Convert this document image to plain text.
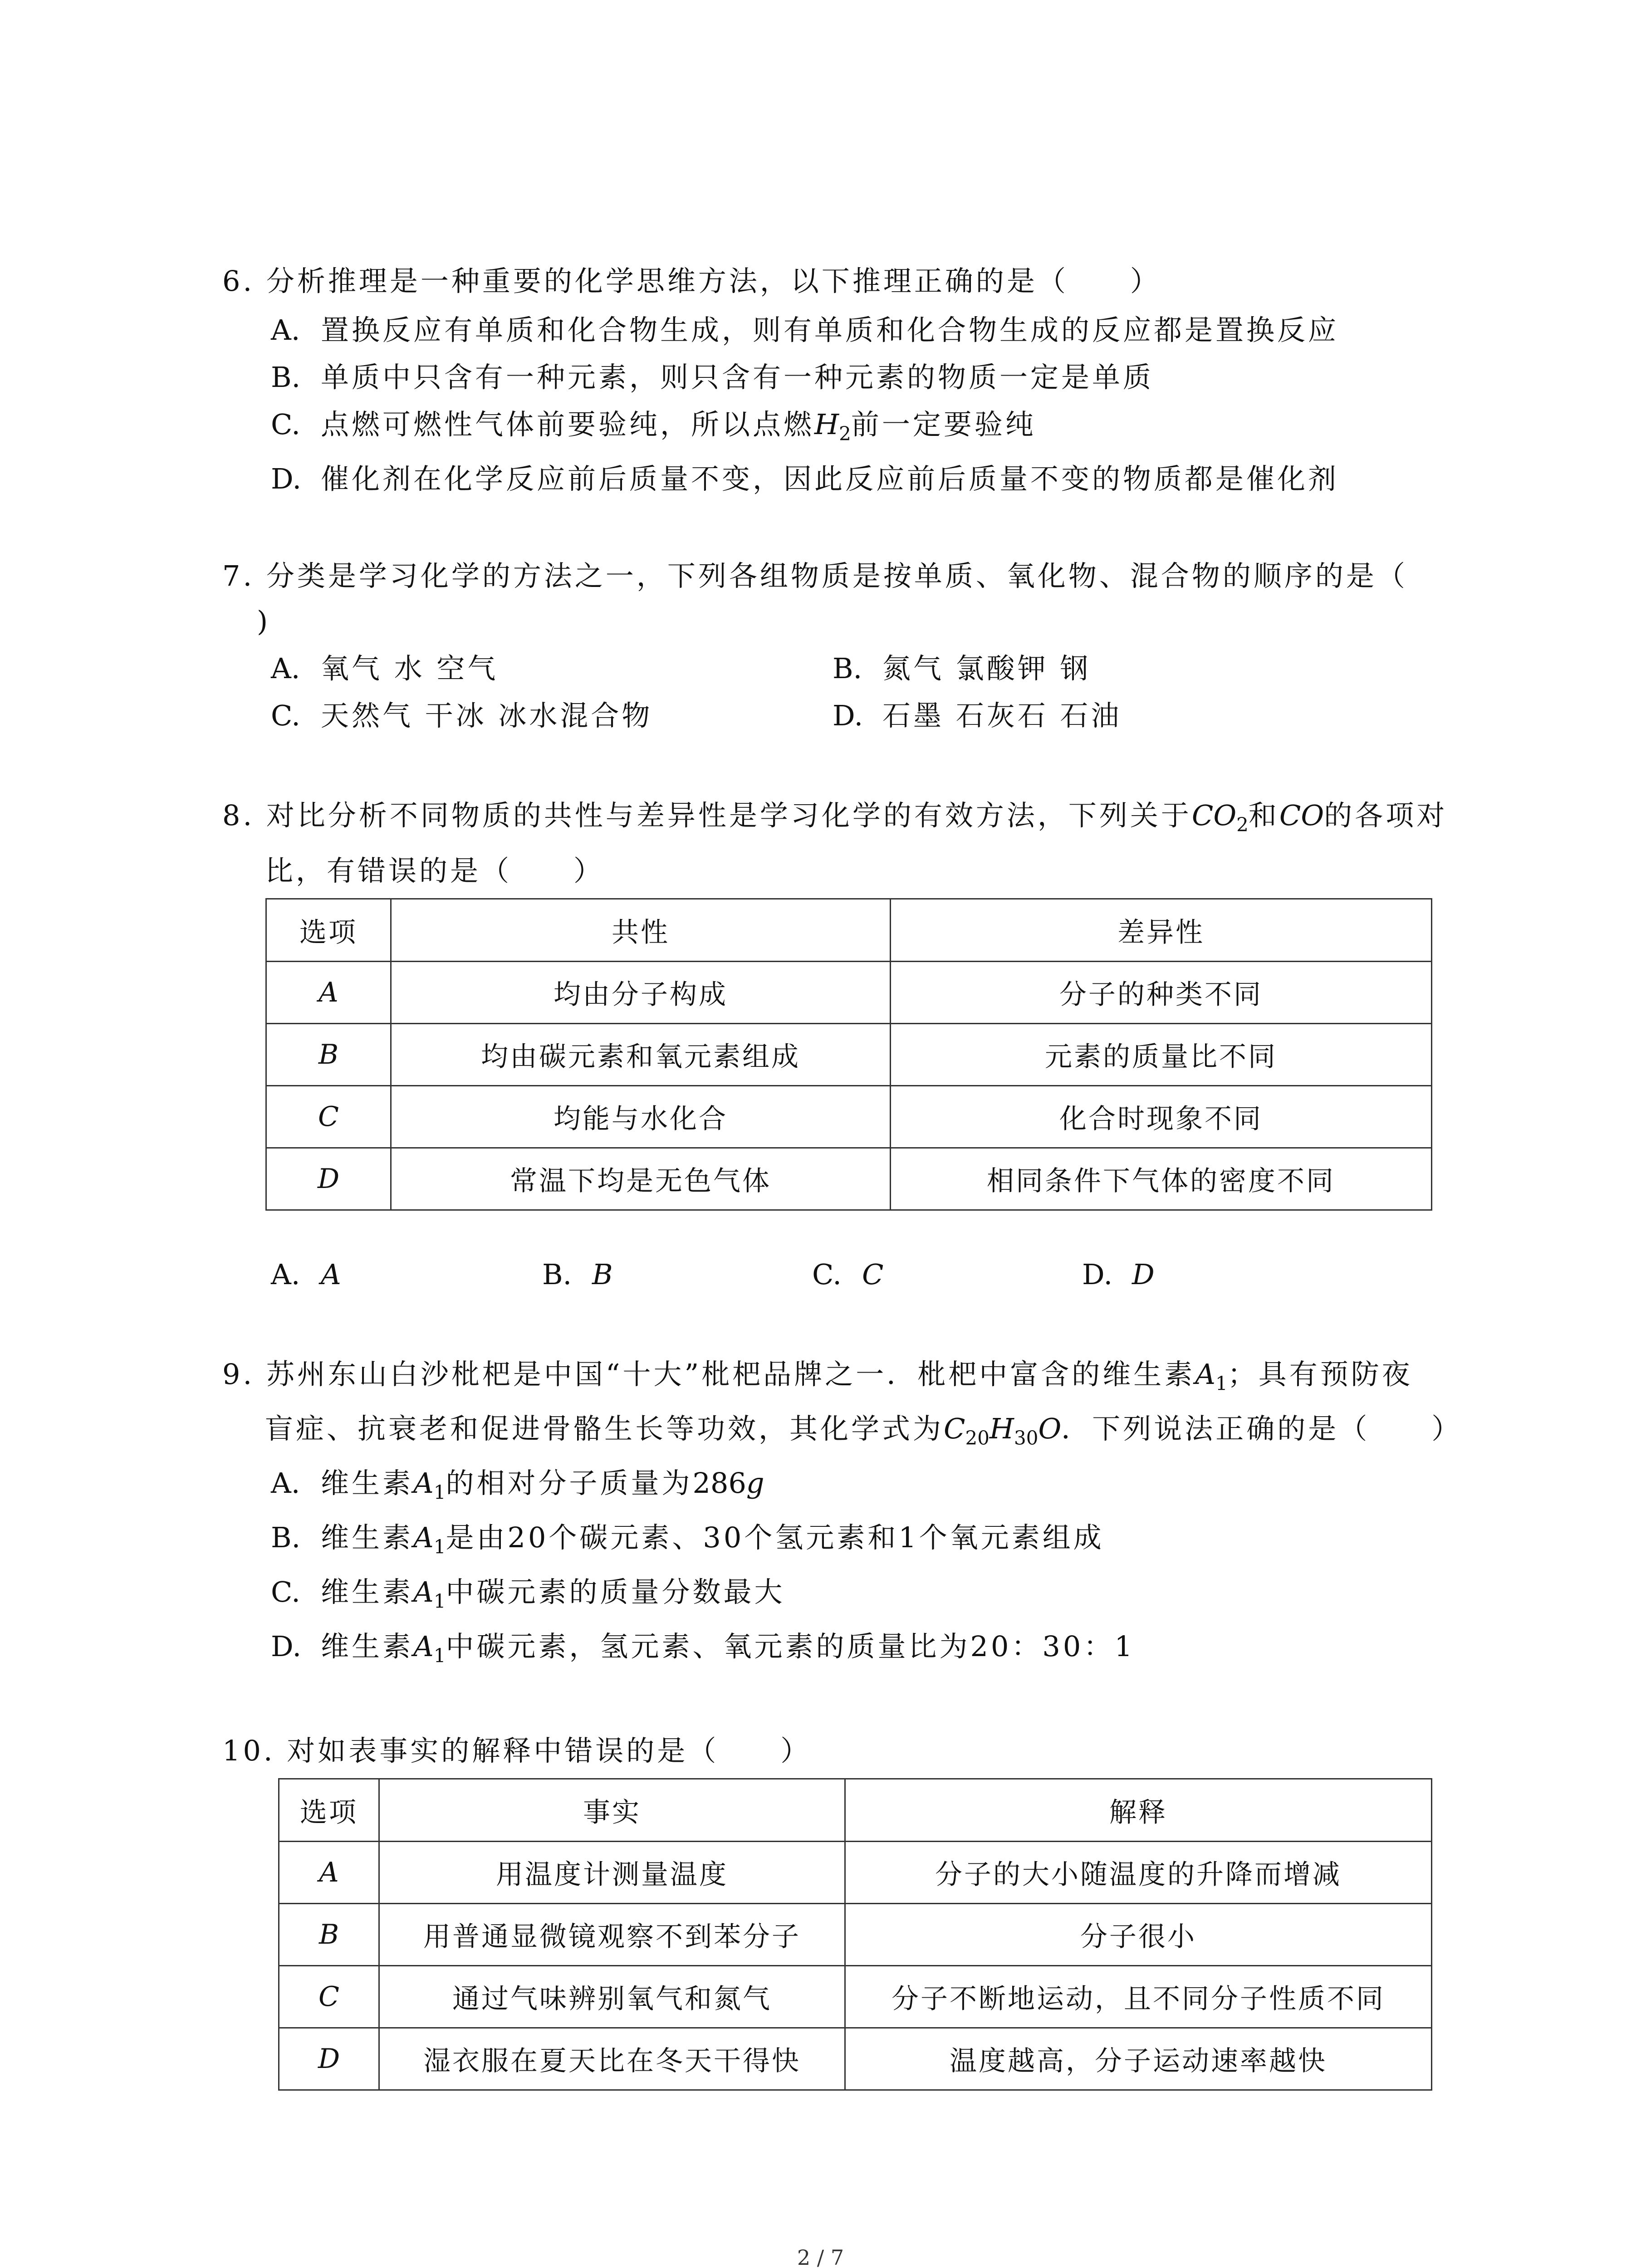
6. 分析推理是一种重要的化学思维方法，以下推理正确的是（　　）
A. 置换反应有单质和化合物生成，则有单质和化合物生成的反应都是置换反应
B. 单质中只含有一种元素，则只含有一种元素的物质一定是单质
C. 点燃可燃性气体前要验纯，所以点燃$H_2$前一定要验纯
D. 催化剂在化学反应前后质量不变，因此反应前后质量不变的物质都是催化剂
7. 分类是学习化学的方法之一，下列各组物质是按单质、氧化物、混合物的顺序的是（
)
A. 氧气 水 空气	B. 氮气 氯酸钾 钢
C. 天然气 干冰 冰水混合物	D. 石墨 石灰石 石油
8. 对比分析不同物质的共性与差异性是学习化学的有效方法，下列关于$CO_2$和CO的各项对
比，有错误的是（　　）
选项	共性	差异性
A	均由分子构成	分子的种类不同
B	均由碳元素和氧元素组成	元素的质量比不同
C	均能与水化合	化合时现象不同
D	常温下均是无色气体	相同条件下气体的密度不同
A. A	B. B	C. C	D. D
9. 苏州东山白沙枇杷是中国“十大”枇杷品牌之一．枇杷中富含的维生素$A_1$；具有预防夜
盲症、抗衰老和促进骨骼生长等功效，其化学式为$C_{20}H_{30}O$．下列说法正确的是（　　）
A. 维生素$A_1$的相对分子质量为286g
B. 维生素$A_1$是由20个碳元素、30个氢元素和1个氧元素组成
C. 维生素$A_1$中碳元素的质量分数最大
D. 维生素$A_1$中碳元素，氢元素、氧元素的质量比为20：30：1
10. 对如表事实的解释中错误的是（　　）
选项	事实	解释
A	用温度计测量温度	分子的大小随温度的升降而增减
B	用普通显微镜观察不到苯分子	分子很小
C	通过气味辨别氧气和氮气	分子不断地运动，且不同分子性质不同
D	湿衣服在夏天比在冬天干得快	温度越高，分子运动速率越快
2 / 7
